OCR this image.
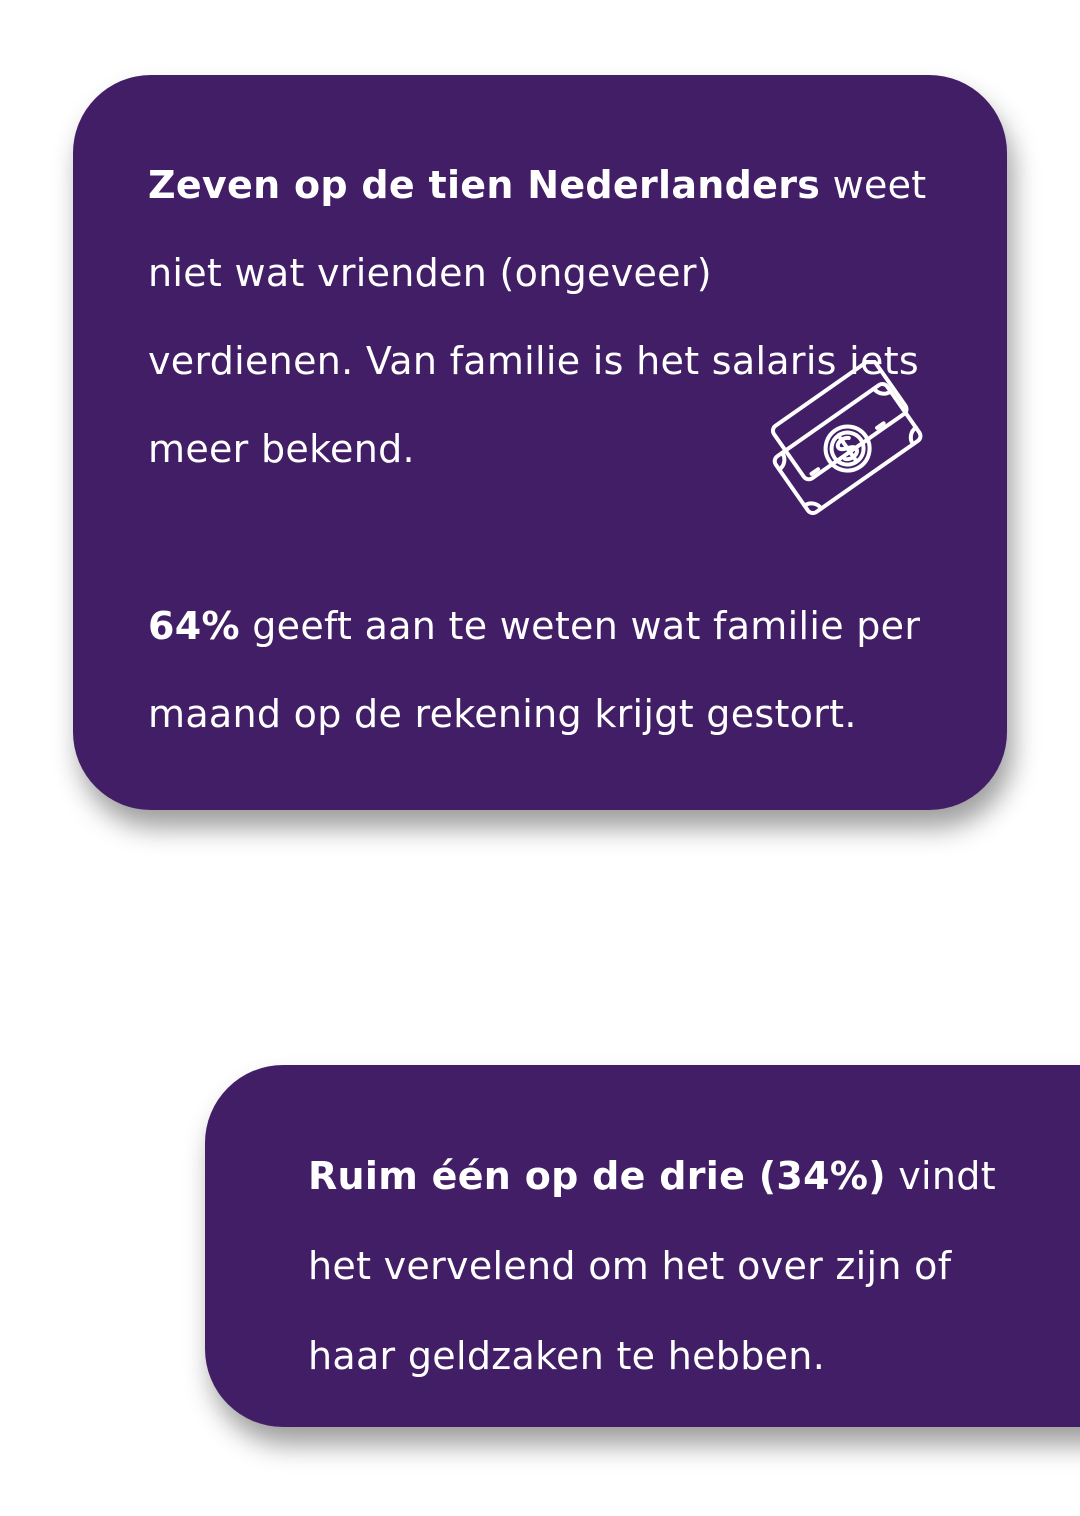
Zeven op de tien Nederlanders weet niet wat vrienden (ongeveer) verdienen. Van familie is het salaris iets meer bekend.

64% geeft aan te weten wat familie per maand op de rekening krijgt gestort.

Ruim één op de drie (34%) vindt het vervelend om het over zijn of haar geldzaken te hebben.
